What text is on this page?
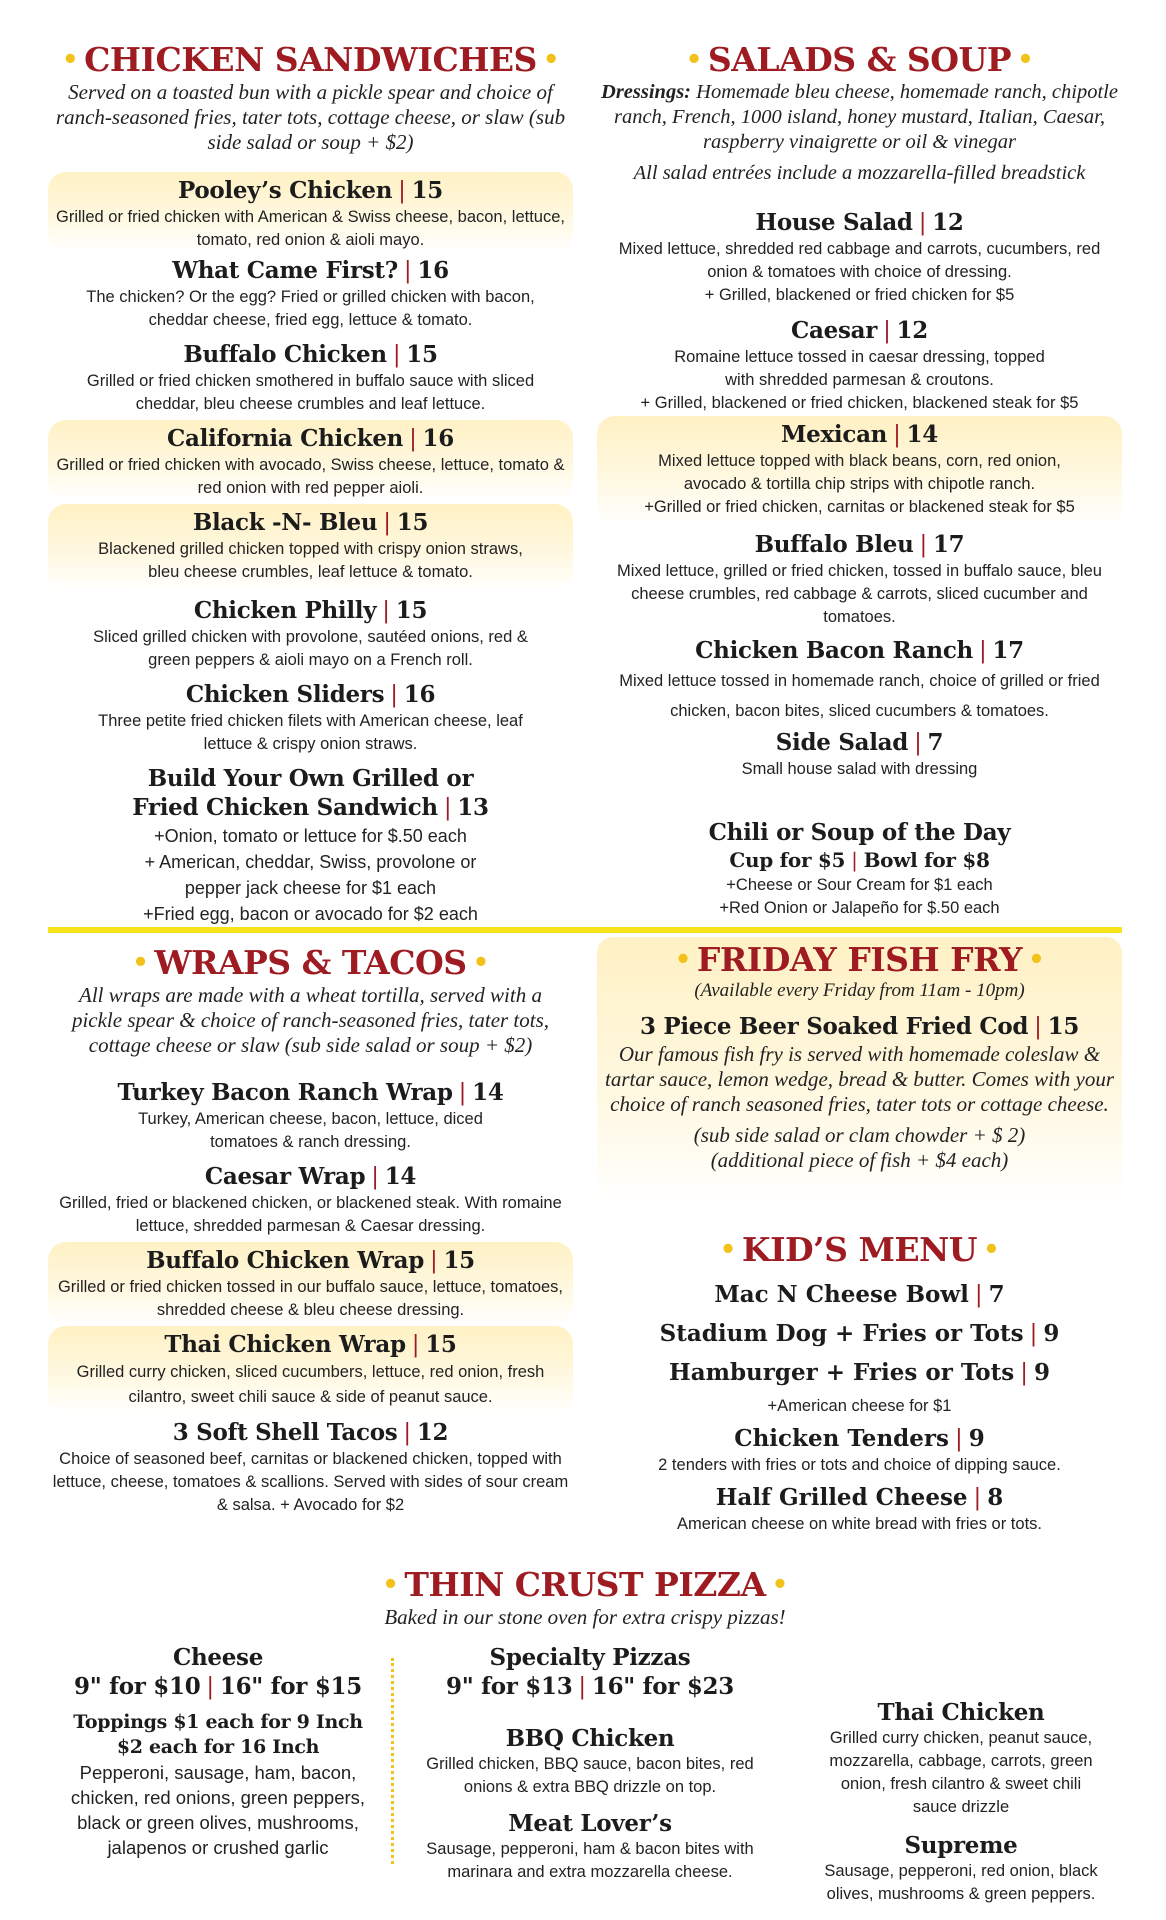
• CHICKEN SANDWICHES •
Served on a toasted bun with a pickle spear and choice of ranch-seasoned fries, tater tots, cottage cheese, or slaw (sub side salad or soup + $2)
Pooley’s Chicken | 15
Grilled or fried chicken with American & Swiss cheese, bacon, lettuce, tomato, red onion & aioli mayo.
What Came First? | 16
The chicken? Or the egg? Fried or grilled chicken with bacon, cheddar cheese, fried egg, lettuce & tomato.
Buffalo Chicken | 15
Grilled or fried chicken smothered in buffalo sauce with sliced cheddar, bleu cheese crumbles and leaf lettuce.
California Chicken | 16
Grilled or fried chicken with avocado, Swiss cheese, lettuce, tomato & red onion with red pepper aioli.
Black -N- Bleu | 15
Blackened grilled chicken topped with crispy onion straws, bleu cheese crumbles, leaf lettuce & tomato.
Chicken Philly | 15
Sliced grilled chicken with provolone, sautéed onions, red & green peppers & aioli mayo on a French roll.
Chicken Sliders | 16
Three petite fried chicken filets with American cheese, leaf lettuce & crispy onion straws.
Build Your Own Grilled or
Fried Chicken Sandwich | 13
+Onion, tomato or lettuce for $.50 each
+ American, cheddar, Swiss, provolone or
pepper jack cheese for $1 each
+Fried egg, bacon or avocado for $2 each
• SALADS & SOUP •
Dressings: Homemade bleu cheese, homemade ranch, chipotle ranch, French, 1000 island, honey mustard, Italian, Caesar, raspberry vinaigrette or oil & vinegar
All salad entrées include a mozzarella-filled breadstick
House Salad | 12
Mixed lettuce, shredded red cabbage and carrots, cucumbers, red onion & tomatoes with choice of dressing.
+ Grilled, blackened or fried chicken for $5
Caesar | 12
Romaine lettuce tossed in caesar dressing, topped with shredded parmesan & croutons.
+ Grilled, blackened or fried chicken, blackened steak for $5
Mexican | 14
Mixed lettuce topped with black beans, corn, red onion, avocado & tortilla chip strips with chipotle ranch.
+Grilled or fried chicken, carnitas or blackened steak for $5
Buffalo Bleu | 17
Mixed lettuce, grilled or fried chicken, tossed in buffalo sauce, bleu cheese crumbles, red cabbage & carrots, sliced cucumber and tomatoes.
Chicken Bacon Ranch | 17
Mixed lettuce tossed in homemade ranch, choice of grilled or fried chicken, bacon bites, sliced cucumbers & tomatoes.
Side Salad | 7
Small house salad with dressing
Chili or Soup of the Day
Cup for $5 | Bowl for $8
+Cheese or Sour Cream for $1 each
+Red Onion or Jalapeño for $.50 each
• WRAPS & TACOS •
All wraps are made with a wheat tortilla, served with a pickle spear & choice of ranch-seasoned fries, tater tots, cottage cheese or slaw (sub side salad or soup + $2)
Turkey Bacon Ranch Wrap | 14
Turkey, American cheese, bacon, lettuce, diced tomatoes & ranch dressing.
Caesar Wrap | 14
Grilled, fried or blackened chicken, or blackened steak. With romaine lettuce, shredded parmesan & Caesar dressing.
Buffalo Chicken Wrap | 15
Grilled or fried chicken tossed in our buffalo sauce, lettuce, tomatoes, shredded cheese & bleu cheese dressing.
Thai Chicken Wrap | 15
Grilled curry chicken, sliced cucumbers, lettuce, red onion, fresh cilantro, sweet chili sauce & side of peanut sauce.
3 Soft Shell Tacos | 12
Choice of seasoned beef, carnitas or blackened chicken, topped with lettuce, cheese, tomatoes & scallions. Served with sides of sour cream & salsa. + Avocado for $2
• FRIDAY FISH FRY •
(Available every Friday from 11am - 10pm)
3 Piece Beer Soaked Fried Cod | 15
Our famous fish fry is served with homemade coleslaw & tartar sauce, lemon wedge, bread & butter. Comes with your choice of ranch seasoned fries, tater tots or cottage cheese.
(sub side salad or clam chowder + $ 2)
(additional piece of fish + $4 each)
• KID’S MENU •
Mac N Cheese Bowl | 7
Stadium Dog + Fries or Tots | 9
Hamburger + Fries or Tots | 9
+American cheese for $1
Chicken Tenders | 9
2 tenders with fries or tots and choice of dipping sauce.
Half Grilled Cheese | 8
American cheese on white bread with fries or tots.
• THIN CRUST PIZZA •
Baked in our stone oven for extra crispy pizzas!
Cheese
9" for $10 | 16" for $15
Toppings $1 each for 9 Inch
$2 each for 16 Inch
Pepperoni, sausage, ham, bacon, chicken, red onions, green peppers, black or green olives, mushrooms, jalapenos or crushed garlic
Specialty Pizzas
9" for $13 | 16" for $23
BBQ Chicken
Grilled chicken, BBQ sauce, bacon bites, red onions & extra BBQ drizzle on top.
Meat Lover’s
Sausage, pepperoni, ham & bacon bites with marinara and extra mozzarella cheese.
Thai Chicken
Grilled curry chicken, peanut sauce, mozzarella, cabbage, carrots, green onion, fresh cilantro & sweet chili sauce drizzle
Supreme
Sausage, pepperoni, red onion, black olives, mushrooms & green peppers.
